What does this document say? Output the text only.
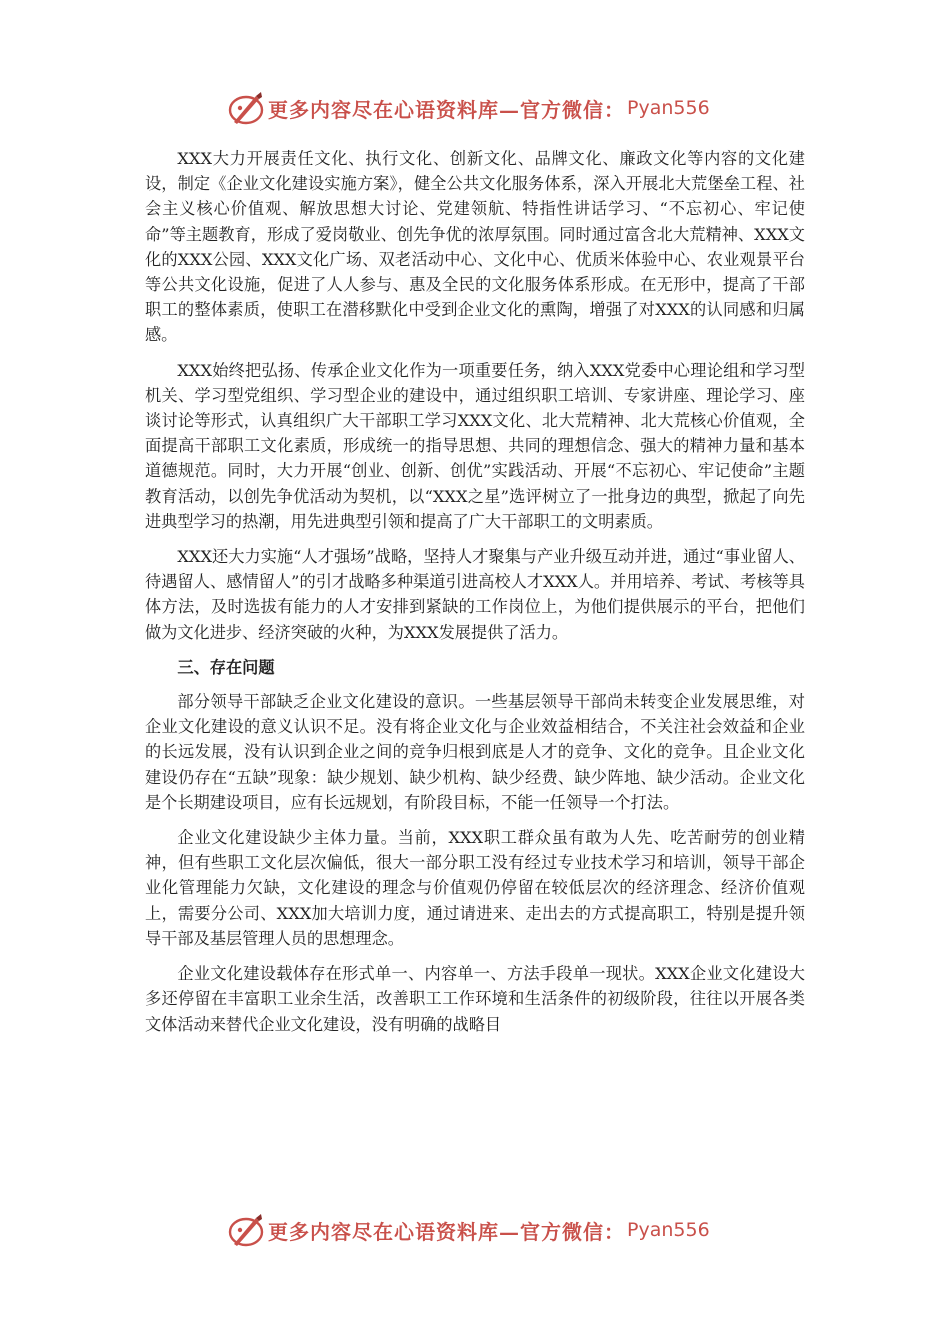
更多内容尽在心语资料库—官方微信： Pyan556

XXX大力开展责任文化、执行文化、创新文化、品牌文化、廉政文化等内容的文化建设，制定《企业文化建设实施方案》，健全公共文化服务体系，深入开展北大荒堡垒工程、社会主义核心价值观、解放思想大讨论、党建领航、特指性讲话学习、“不忘初心、牢记使命”等主题教育，形成了爱岗敬业、创先争优的浓厚氛围。同时通过富含北大荒精神、XXX文化的XXX公园、XXX文化广场、双老活动中心、文化中心、优质米体验中心、农业观景平台等公共文化设施，促进了人人参与、惠及全民的文化服务体系形成。在无形中，提高了干部职工的整体素质，使职工在潜移默化中受到企业文化的熏陶，增强了对XXX的认同感和归属感。

XXX始终把弘扬、传承企业文化作为一项重要任务，纳入XXX党委中心理论组和学习型机关、学习型党组织、学习型企业的建设中，通过组织职工培训、专家讲座、理论学习、座谈讨论等形式，认真组织广大干部职工学习XXX文化、北大荒精神、北大荒核心价值观，全面提高干部职工文化素质，形成统一的指导思想、共同的理想信念、强大的精神力量和基本道德规范。同时，大力开展“创业、创新、创优”实践活动、开展“不忘初心、牢记使命”主题教育活动，以创先争优活动为契机，以“XXX之星”选评树立了一批身边的典型，掀起了向先进典型学习的热潮，用先进典型引领和提高了广大干部职工的文明素质。

XXX还大力实施“人才强场”战略，坚持人才聚集与产业升级互动并进，通过“事业留人、待遇留人、感情留人”的引才战略多种渠道引进高校人才XXX人。并用培养、考试、考核等具体方法，及时选拔有能力的人才安排到紧缺的工作岗位上，为他们提供展示的平台，把他们做为文化进步、经济突破的火种，为XXX发展提供了活力。

三、存在问题

部分领导干部缺乏企业文化建设的意识。一些基层领导干部尚未转变企业发展思维，对企业文化建设的意义认识不足。没有将企业文化与企业效益相结合，不关注社会效益和企业的长远发展，没有认识到企业之间的竞争归根到底是人才的竞争、文化的竞争。且企业文化建设仍存在“五缺”现象：缺少规划、缺少机构、缺少经费、缺少阵地、缺少活动。企业文化是个长期建设项目，应有长远规划，有阶段目标，不能一任领导一个打法。

企业文化建设缺少主体力量。当前，XXX职工群众虽有敢为人先、吃苦耐劳的创业精神，但有些职工文化层次偏低，很大一部分职工没有经过专业技术学习和培训，领导干部企业化管理能力欠缺，文化建设的理念与价值观仍停留在较低层次的经济理念、经济价值观上，需要分公司、XXX加大培训力度，通过请进来、走出去的方式提高职工，特别是提升领导干部及基层管理人员的思想理念。

企业文化建设载体存在形式单一、内容单一、方法手段单一现状。XXX企业文化建设大多还停留在丰富职工业余生活，改善职工工作环境和生活条件的初级阶段，往往以开展各类文体活动来替代企业文化建设，没有明确的战略目

更多内容尽在心语资料库—官方微信： Pyan556
